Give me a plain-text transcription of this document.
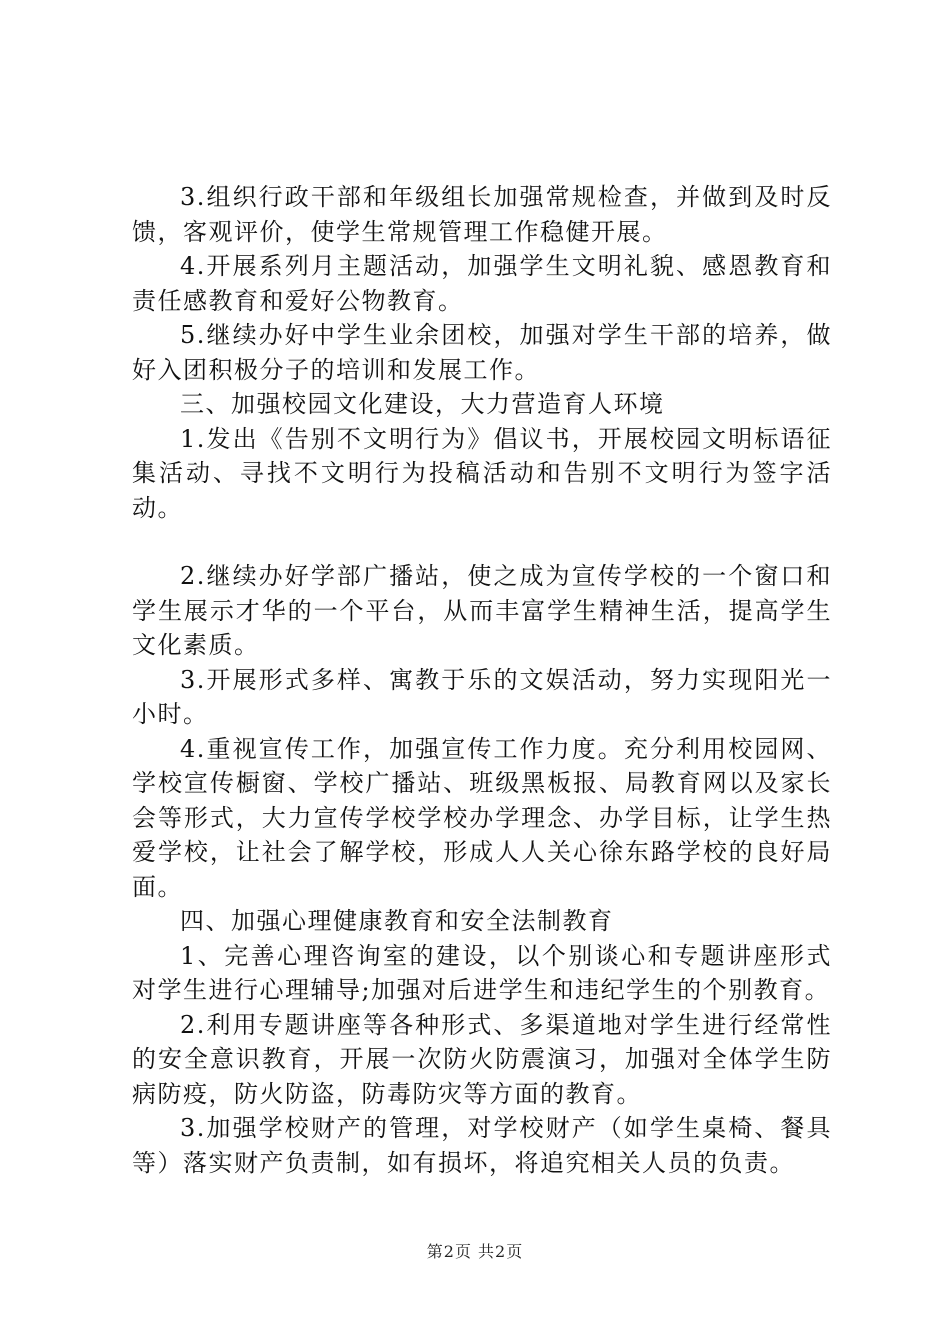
3.组织行政干部和年级组长加强常规检查，并做到及时反馈，客观评价，使学生常规管理工作稳健开展。

4.开展系列月主题活动，加强学生文明礼貌、感恩教育和责任感教育和爱好公物教育。

5.继续办好中学生业余团校，加强对学生干部的培养，做好入团积极分子的培训和发展工作。

三、加强校园文化建设，大力营造育人环境

1.发出《告别不文明行为》倡议书，开展校园文明标语征集活动、寻找不文明行为投稿活动和告别不文明行为签字活动。

2.继续办好学部广播站，使之成为宣传学校的一个窗口和学生展示才华的一个平台，从而丰富学生精神生活，提高学生文化素质。

3.开展形式多样、寓教于乐的文娱活动，努力实现阳光一小时。

4.重视宣传工作，加强宣传工作力度。充分利用校园网、学校宣传橱窗、学校广播站、班级黑板报、局教育网以及家长会等形式，大力宣传学校学校办学理念、办学目标，让学生热爱学校，让社会了解学校，形成人人关心徐东路学校的良好局面。

四、加强心理健康教育和安全法制教育

1、完善心理咨询室的建设，以个别谈心和专题讲座形式对学生进行心理辅导;加强对后进学生和违纪学生的个别教育。

2.利用专题讲座等各种形式、多渠道地对学生进行经常性的安全意识教育，开展一次防火防震演习，加强对全体学生防病防疫，防火防盗，防毒防灾等方面的教育。

3.加强学校财产的管理，对学校财产（如学生桌椅、餐具等）落实财产负责制，如有损坏，将追究相关人员的负责。

第2页 共2页
